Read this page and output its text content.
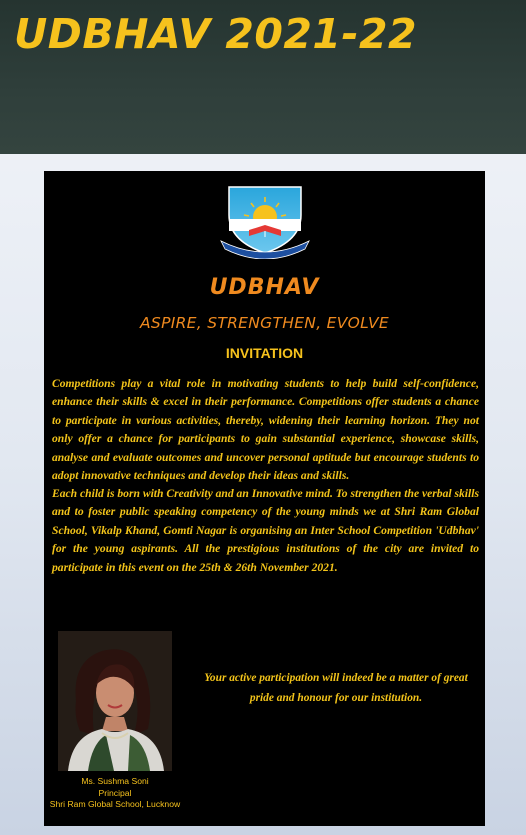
UDBHAV 2021-22
UDBHAV
ASPIRE, STRENGTHEN, EVOLVE
INVITATION

Competitions play a vital role in motivating students to help build self-confidence, enhance their skills & excel in their performance. Competitions offer students a chance to participate in various activities, thereby, widening their learning horizon. They not only offer a chance for participants to gain substantial experience, showcase skills, analyse and evaluate outcomes and uncover personal aptitude but encourage students to adopt innovative techniques and develop their ideas and skills.

Each child is born with Creativity and an Innovative mind. To strengthen the verbal skills and to foster public speaking competency of the young minds we at Shri Ram Global School, Vikalp Khand, Gomti Nagar is organising an Inter School Competition 'Udbhav' for the young aspirants. All the prestigious institutions of the city are invited to participate in this event on the 25th & 26th November 2021.

Your active participation will indeed be a matter of great pride and honour for our institution.

Ms. Sushma Soni
Principal
Shri Ram Global School, Lucknow
